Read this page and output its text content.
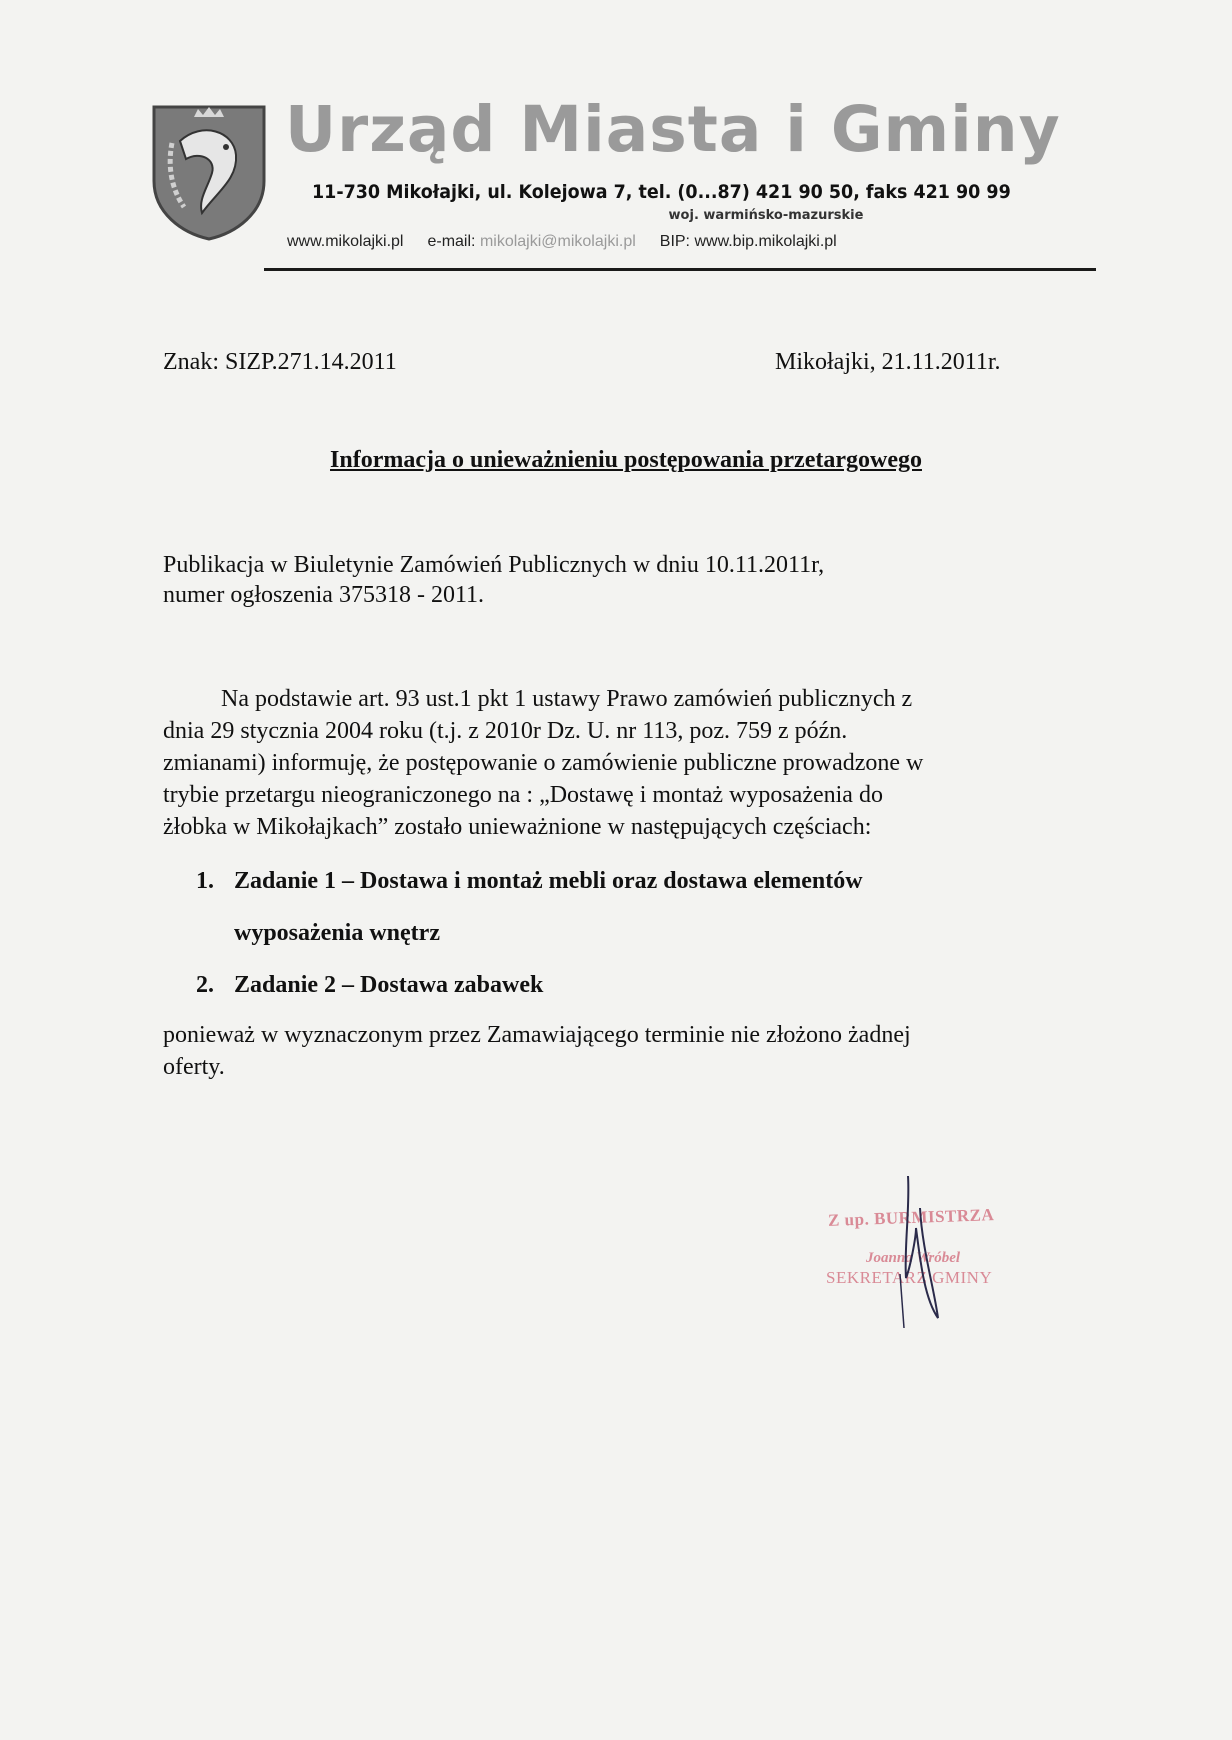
Urząd Miasta i Gminy
11-730 Mikołajki, ul. Kolejowa 7, tel. (0...87) 421 90 50, faks 421 90 99
woj. warmińsko-mazurskie
www.mikolajki.pl e-mail: mikolajki@mikolajki.pl BIP: www.bip.mikolajki.pl
Znak: SIZP.271.14.2011	Mikołajki, 21.11.2011r.
Informacja o unieważnieniu postępowania przetargowego
Publikacja w Biuletynie Zamówień Publicznych w dniu 10.11.2011r,
numer ogłoszenia 375318 - 2011.
Na podstawie art. 93 ust.1 pkt 1 ustawy Prawo zamówień publicznych z
dnia 29 stycznia 2004 roku (t.j. z 2010r Dz. U. nr 113, poz. 759 z późn.
zmianami) informuję, że postępowanie o zamówienie publiczne prowadzone w
trybie przetargu nieograniczonego na : „Dostawę i montaż wyposażenia do
żłobka w Mikołajkach” zostało unieważnione w następujących częściach:
1. Zadanie 1 – Dostawa i montaż mebli oraz dostawa elementów
wyposażenia wnętrz
2. Zadanie 2 – Dostawa zabawek
ponieważ w wyznaczonym przez Zamawiającego terminie nie złożono żadnej
oferty.
Z up. BURMISTRZA
Joanna Wróbel
SEKRETARZ GMINY
